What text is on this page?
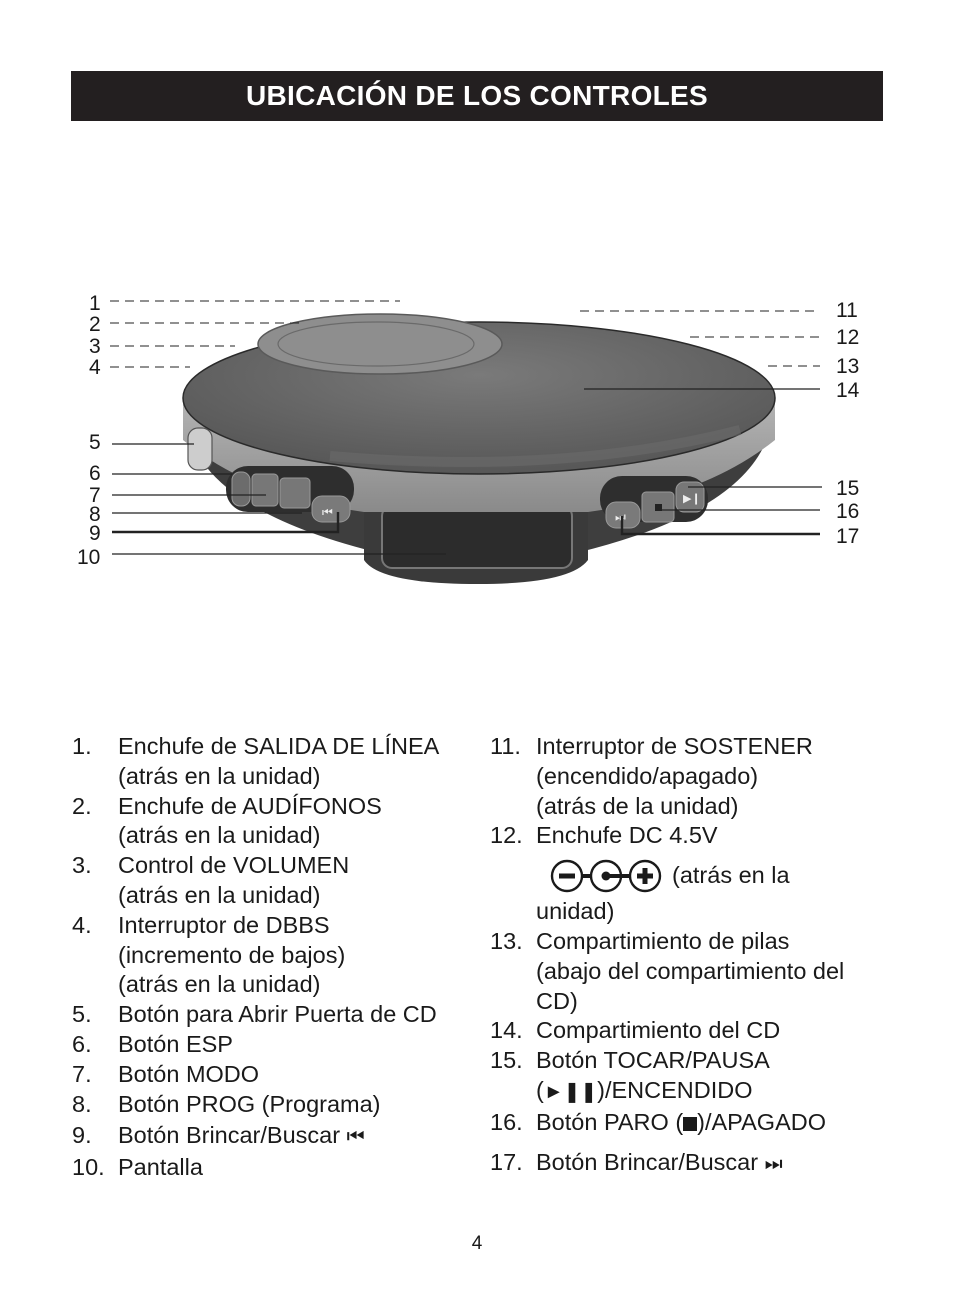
UBICACIÓN DE LOS CONTROLES
⏮	⏭
▶❙
1
2
3
4
5
6
7
8
9
10
11
12
13
14
15
16
17
1.	Enchufe de SALIDA DE LÍNEA
(atrás en la unidad)
2.	Enchufe de AUDÍFONOS
(atrás en la unidad)
3.	Control de VOLUMEN
(atrás en la unidad)
4.	Interruptor de DBBS
(incremento de bajos)
(atrás en la unidad)
5.	Botón para Abrir Puerta de CD
6.	Botón ESP
7.	Botón MODO
8.	Botón PROG (Programa)
9.	Botón Brincar/Buscar ⏮
10. Pantalla
11. Interruptor de SOSTENER
(encendido/apagado)
(atrás de la unidad)
12. Enchufe DC 4.5V
(atrás en la
unidad)
13. Compartimiento de pilas
(abajo del compartimiento del
CD)
14. Compartimiento del CD
15. Botón TOCAR/PAUSA
(►❚❚)/ENCENDIDO
16. Botón PARO ( )/APAGADO
17. Botón Brincar/Buscar ⏭
4
